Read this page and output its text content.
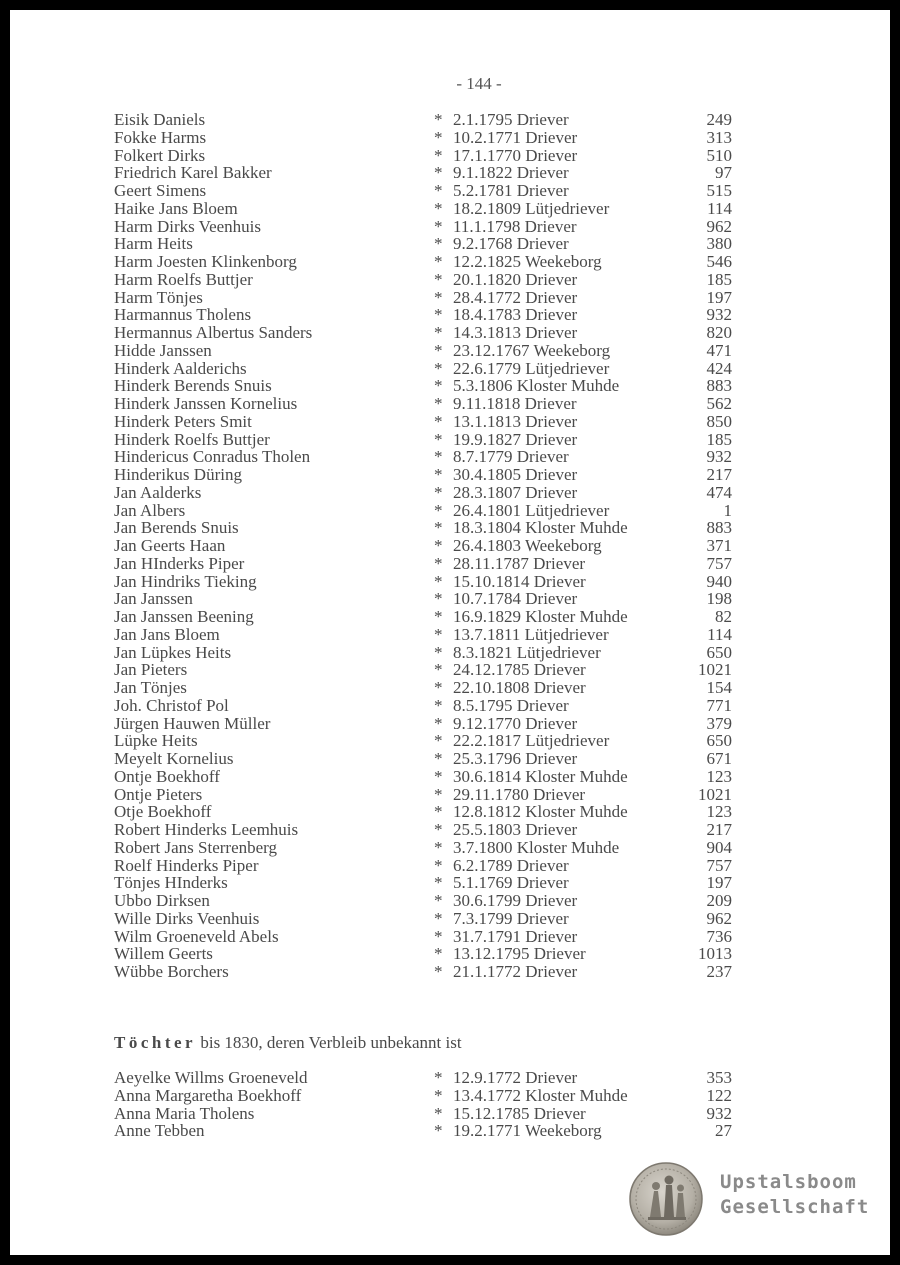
- 144 -
Eisik Daniels	* 2.1.1795 Driever	249
Fokke Harms	* 10.2.1771 Driever	313
Folkert Dirks	* 17.1.1770 Driever	510
Friedrich Karel Bakker	* 9.1.1822 Driever	97
Geert Simens	* 5.2.1781 Driever	515
Haike Jans Bloem	* 18.2.1809 Lütjedriever	114
Harm Dirks Veenhuis	* 11.1.1798 Driever	962
Harm Heits	* 9.2.1768 Driever	380
Harm Joesten Klinkenborg	* 12.2.1825 Weekeborg	546
Harm Roelfs Buttjer	* 20.1.1820 Driever	185
Harm Tönjes	* 28.4.1772 Driever	197
Harmannus Tholens	* 18.4.1783 Driever	932
Hermannus Albertus Sanders	* 14.3.1813 Driever	820
Hidde Janssen	* 23.12.1767 Weekeborg	471
Hinderk Aalderichs	* 22.6.1779 Lütjedriever	424
Hinderk Berends Snuis	* 5.3.1806 Kloster Muhde	883
Hinderk Janssen Kornelius	* 9.11.1818 Driever	562
Hinderk Peters Smit	* 13.1.1813 Driever	850
Hinderk Roelfs Buttjer	* 19.9.1827 Driever	185
Hindericus Conradus Tholen	* 8.7.1779 Driever	932
Hinderikus Düring	* 30.4.1805 Driever	217
Jan Aalderks	* 28.3.1807 Driever	474
Jan Albers	* 26.4.1801 Lütjedriever	1
Jan Berends Snuis	* 18.3.1804 Kloster Muhde	883
Jan Geerts Haan	* 26.4.1803 Weekeborg	371
Jan HInderks Piper	* 28.11.1787 Driever	757
Jan Hindriks Tieking	* 15.10.1814 Driever	940
Jan Janssen	* 10.7.1784 Driever	198
Jan Janssen Beening	* 16.9.1829 Kloster Muhde	82
Jan Jans Bloem	* 13.7.1811 Lütjedriever	114
Jan Lüpkes Heits	* 8.3.1821 Lütjedriever	650
Jan Pieters	* 24.12.1785 Driever	1021
Jan Tönjes	* 22.10.1808 Driever	154
Joh. Christof Pol	* 8.5.1795 Driever	771
Jürgen Hauwen Müller	* 9.12.1770 Driever	379
Lüpke Heits	* 22.2.1817 Lütjedriever	650
Meyelt Kornelius	* 25.3.1796 Driever	671
Ontje Boekhoff	* 30.6.1814 Kloster Muhde	123
Ontje Pieters	* 29.11.1780 Driever	1021
Otje Boekhoff	* 12.8.1812 Kloster Muhde	123
Robert Hinderks Leemhuis	* 25.5.1803 Driever	217
Robert Jans Sterrenberg	* 3.7.1800 Kloster Muhde	904
Roelf Hinderks Piper	* 6.2.1789 Driever	757
Tönjes HInderks	* 5.1.1769 Driever	197
Ubbo Dirksen	* 30.6.1799 Driever	209
Wille Dirks Veenhuis	* 7.3.1799 Driever	962
Wilm Groeneveld Abels	* 31.7.1791 Driever	736
Willem Geerts	* 13.12.1795 Driever	1013
Wübbe Borchers	* 21.1.1772 Driever	237
Töchter bis 1830, deren Verbleib unbekannt ist
Aeyelke Willms Groeneveld	* 12.9.1772 Driever	353
Anna Margaretha Boekhoff	* 13.4.1772 Kloster Muhde	122
Anna Maria Tholens	* 15.12.1785 Driever	932
Anne Tebben	* 19.2.1771 Weekeborg	27
Upstalsboom
Gesellschaft
